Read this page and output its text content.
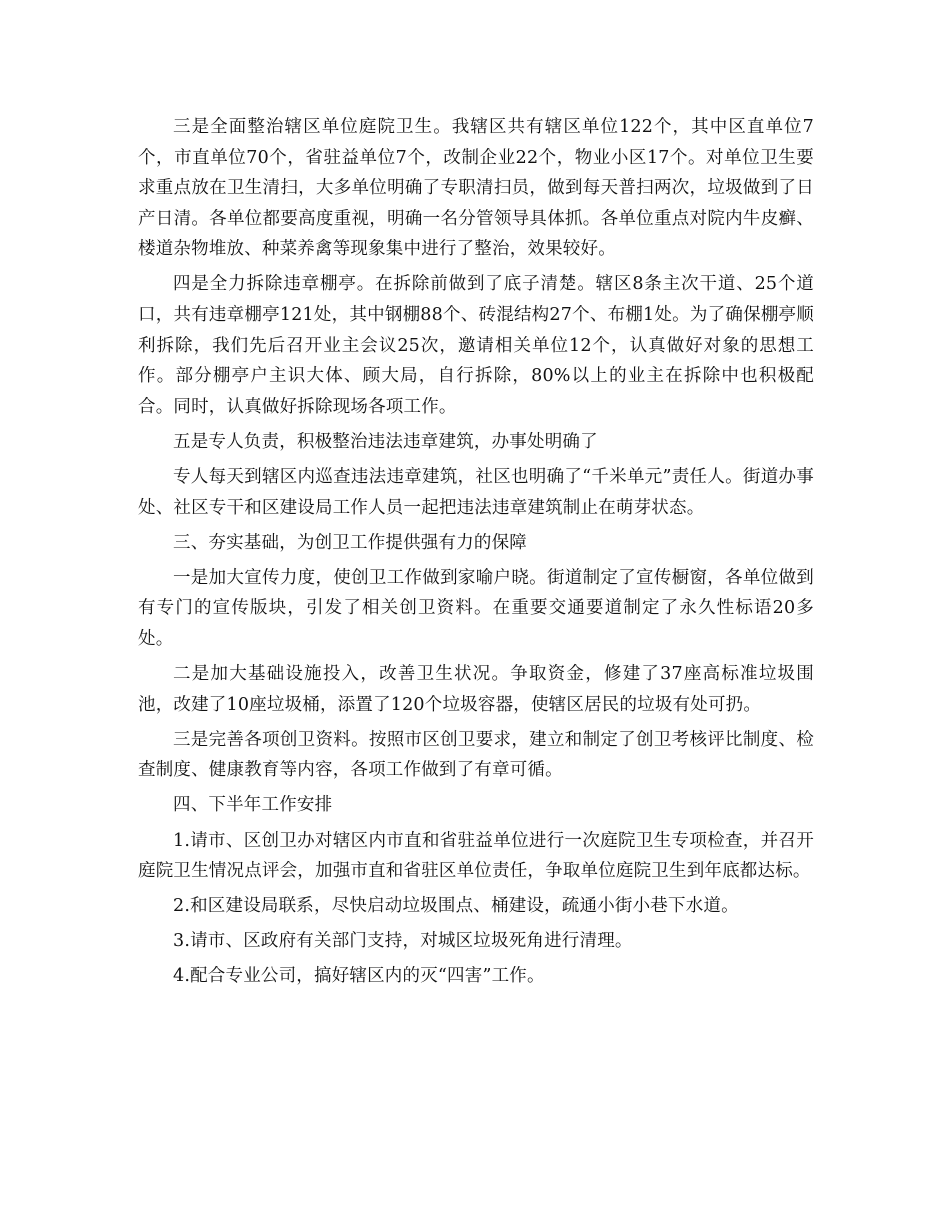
三是全面整治辖区单位庭院卫生。我辖区共有辖区单位122个，其中区直单位7个，市直单位70个，省驻益单位7个，改制企业22个，物业小区17个。对单位卫生要求重点放在卫生清扫，大多单位明确了专职清扫员，做到每天普扫两次，垃圾做到了日产日清。各单位都要高度重视，明确一名分管领导具体抓。各单位重点对院内牛皮癣、楼道杂物堆放、种菜养禽等现象集中进行了整治，效果较好。

四是全力拆除违章棚亭。在拆除前做到了底子清楚。辖区8条主次干道、25个道口，共有违章棚亭121处，其中钢棚88个、砖混结构27个、布棚1处。为了确保棚亭顺利拆除，我们先后召开业主会议25次，邀请相关单位12个，认真做好对象的思想工作。部分棚亭户主识大体、顾大局，自行拆除，80%以上的业主在拆除中也积极配合。同时，认真做好拆除现场各项工作。

五是专人负责，积极整治违法违章建筑，办事处明确了

专人每天到辖区内巡查违法违章建筑，社区也明确了“千米单元”责任人。街道办事处、社区专干和区建设局工作人员一起把违法违章建筑制止在萌芽状态。

三、夯实基础，为创卫工作提供强有力的保障

一是加大宣传力度，使创卫工作做到家喻户晓。街道制定了宣传橱窗，各单位做到有专门的宣传版块，引发了相关创卫资料。在重要交通要道制定了永久性标语20多处。

二是加大基础设施投入，改善卫生状况。争取资金，修建了37座高标准垃圾围池，改建了10座垃圾桶，添置了120个垃圾容器，使辖区居民的垃圾有处可扔。

三是完善各项创卫资料。按照市区创卫要求，建立和制定了创卫考核评比制度、检查制度、健康教育等内容，各项工作做到了有章可循。

四、下半年工作安排

1.请市、区创卫办对辖区内市直和省驻益单位进行一次庭院卫生专项检查，并召开庭院卫生情况点评会，加强市直和省驻区单位责任，争取单位庭院卫生到年底都达标。

2.和区建设局联系，尽快启动垃圾围点、桶建设，疏通小街小巷下水道。

3.请市、区政府有关部门支持，对城区垃圾死角进行清理。

4.配合专业公司，搞好辖区内的灭“四害”工作。
